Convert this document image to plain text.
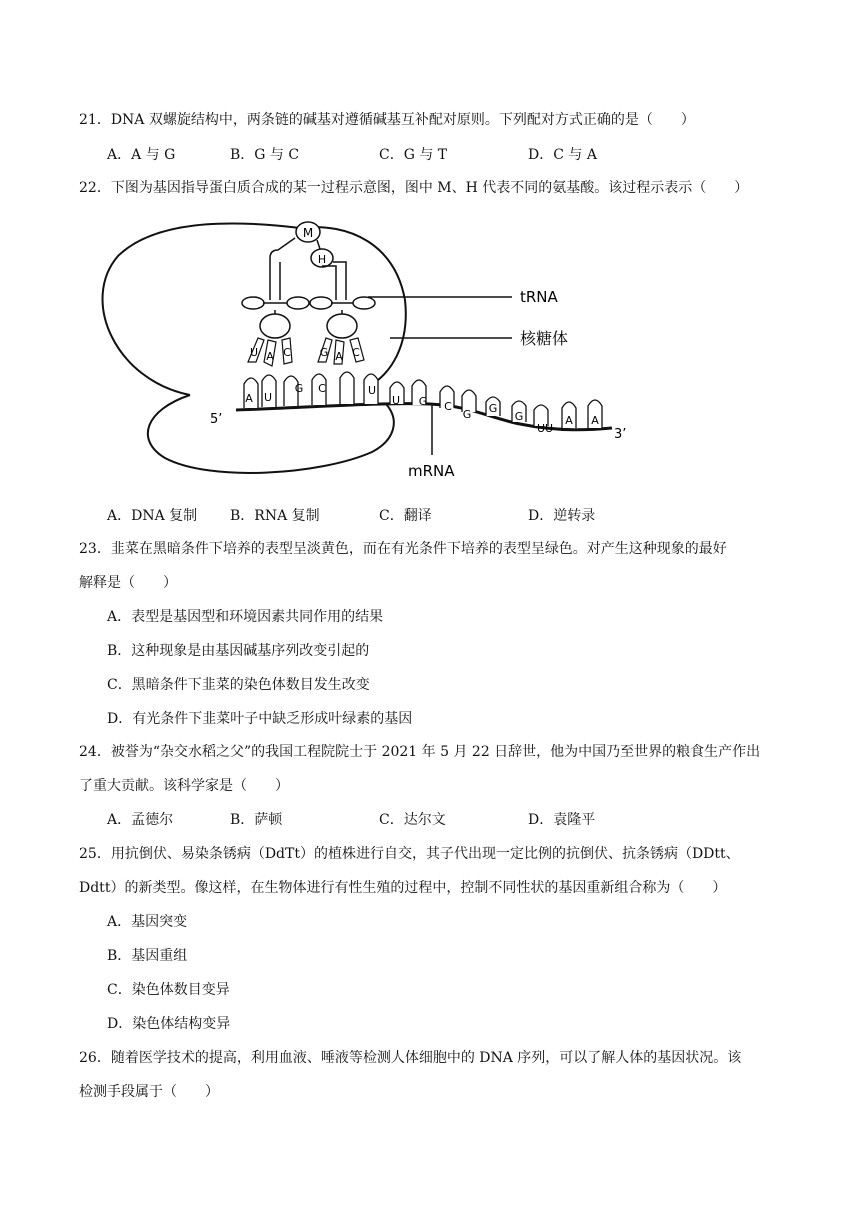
21．DNA 双螺旋结构中，两条链的碱基对遵循碱基互补配对原则。下列配对方式正确的是（　　）
A．A 与 G	B．G 与 C	C．G 与 T	D．C 与 A
22．下图为基因指导蛋白质合成的某一过程示意图，图中 M、H 代表不同的氨基酸。该过程示表示（　　）
M
H
U A C	G A C
A U
G C
U G C
U
G G
G
U U
A A
tRNA
核糖体
mRNA
5’
3’
A．DNA 复制 B．RNA 复制	C．翻译	D．逆转录
23．韭菜在黑暗条件下培养的表型呈淡黄色，而在有光条件下培养的表型呈绿色。对产生这种现象的最好
解释是（　　）
A．表型是基因型和环境因素共同作用的结果
B．这种现象是由基因碱基序列改变引起的
C．黑暗条件下韭菜的染色体数目发生改变
D．有光条件下韭菜叶子中缺乏形成叶绿素的基因
24．被誉为“杂交水稻之父”的我国工程院院士于 2021 年 5 月 22 日辞世，他为中国乃至世界的粮食生产作出
了重大贡献。该科学家是（　　）
A．孟德尔	B．萨顿	C．达尔文	D．袁隆平
25．用抗倒伏、易染条锈病（DdTt）的植株进行自交，其子代出现一定比例的抗倒伏、抗条锈病（DDtt、
Ddtt）的新类型。像这样，在生物体进行有性生殖的过程中，控制不同性状的基因重新组合称为（　　）
A．基因突变
B．基因重组
C．染色体数目变异
D．染色体结构变异
26．随着医学技术的提高，利用血液、唾液等检测人体细胞中的 DNA 序列，可以了解人体的基因状况。该
检测手段属于（　　）
